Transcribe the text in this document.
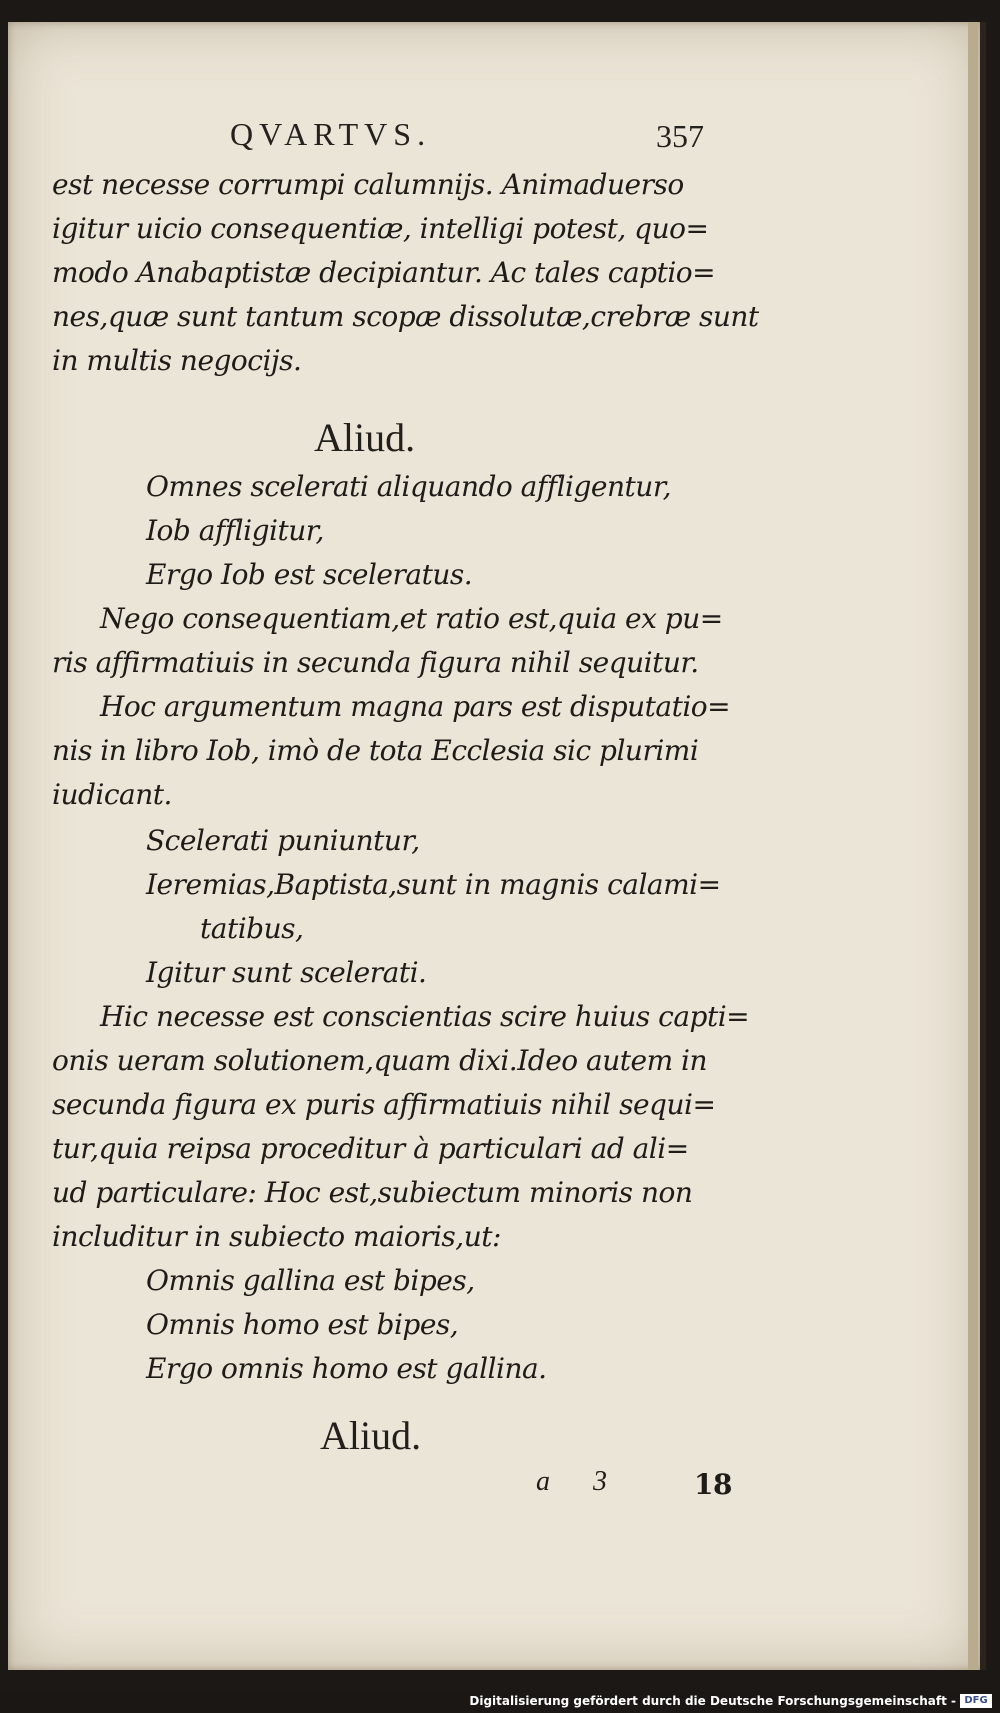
QVARTVS.	357
est necesse corrumpi calumnijs. Animaduerso
igitur uicio consequentiæ, intelligi potest, quo=
modo Anabaptistæ decipiantur. Ac tales captio=
nes,quæ sunt tantum scopæ dissolutæ,crebræ sunt
in multis negocijs.
Aliud.
Omnes scelerati aliquando affligentur,
Iob affligitur,
Ergo Iob est sceleratus.
Nego consequentiam,et ratio est,quia ex pu=
ris affirmatiuis in secunda figura nihil sequitur.
Hoc argumentum magna pars est disputatio=
nis in libro Iob, imò de tota Ecclesia sic plurimi
iudicant.
Scelerati puniuntur,
Ieremias,Baptista,sunt in magnis calami=
tatibus,
Igitur sunt scelerati.
Hic necesse est conscientias scire huius capti=
onis ueram solutionem,quam dixi.Ideo autem in
secunda figura ex puris affirmatiuis nihil sequi=
tur,quia reipsa proceditur à particulari ad ali=
ud particulare: Hoc est,subiectum minoris non
includitur in subiecto maioris,ut:
Omnis gallina est bipes,
Omnis homo est bipes,
Ergo omnis homo est gallina.
Aliud.
a 3 18
Digitalisierung gefördert durch die Deutsche Forschungsgemeinschaft - DFG
